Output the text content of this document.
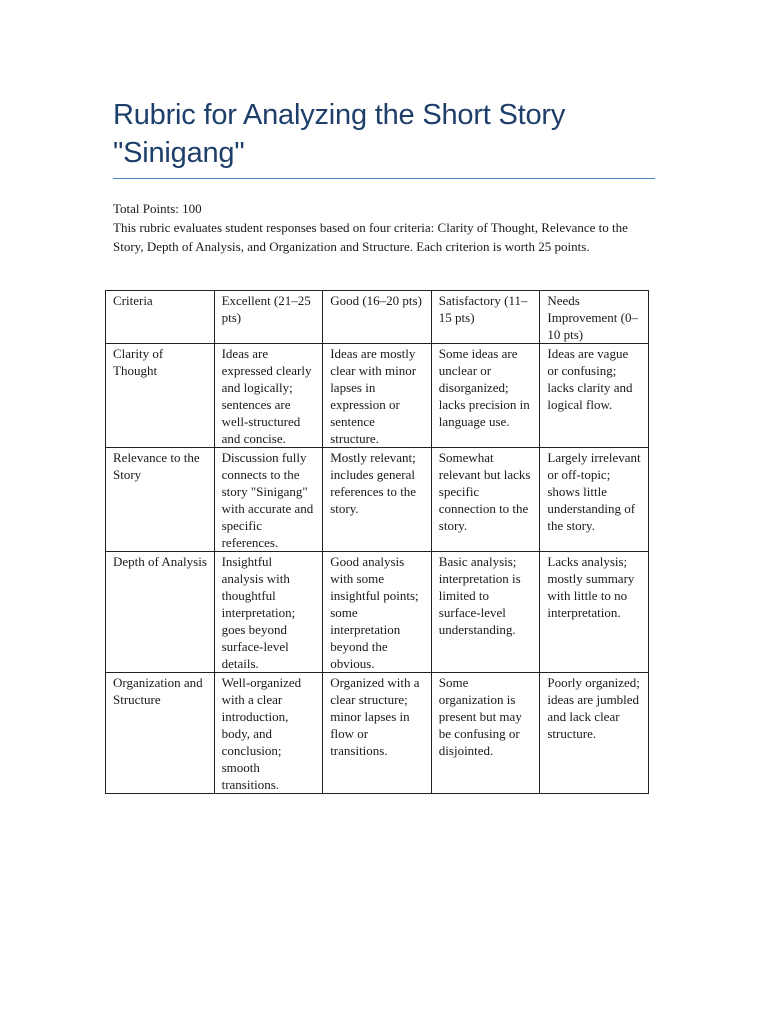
Rubric for Analyzing the Short Story "Sinigang"

Total Points: 100

This rubric evaluates student responses based on four criteria: Clarity of Thought, Relevance to the Story, Depth of Analysis, and Organization and Structure. Each criterion is worth 25 points.

Criteria	Excellent (21–25 pts)	Good (16–20 pts)	Satisfactory (11–15 pts)	Needs Improvement (0–10 pts)
Clarity of Thought	Ideas are expressed clearly and logically; sentences are well-structured and concise.	Ideas are mostly clear with minor lapses in expression or sentence structure.	Some ideas are unclear or disorganized; lacks precision in language use.	Ideas are vague or confusing; lacks clarity and logical flow.
Relevance to the Story	Discussion fully connects to the story "Sinigang" with accurate and specific references.	Mostly relevant; includes general references to the story.	Somewhat relevant but lacks specific connection to the story.	Largely irrelevant or off-topic; shows little understanding of the story.
Depth of Analysis	Insightful analysis with thoughtful interpretation; goes beyond surface-level details.	Good analysis with some insightful points; some interpretation beyond the obvious.	Basic analysis; interpretation is limited to surface-level understanding.	Lacks analysis; mostly summary with little to no interpretation.
Organization and Structure	Well-organized with a clear introduction, body, and conclusion; smooth transitions.	Organized with a clear structure; minor lapses in flow or transitions.	Some organization is present but may be confusing or disjointed.	Poorly organized; ideas are jumbled and lack clear structure.
